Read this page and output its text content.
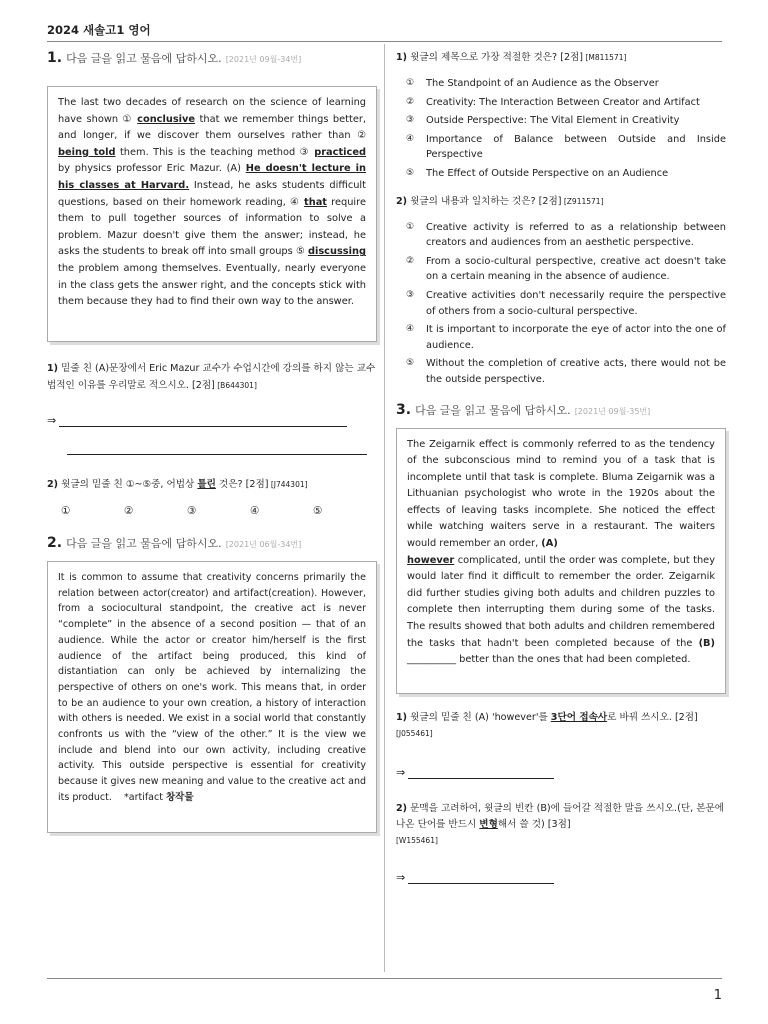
2024 새솔고1 영어
1. 다음 글을 읽고 물음에 답하시오. [2021년 09월-34번]
The last two decades of research on the science of learning have shown ① conclusive that we remember things better, and longer, if we discover them ourselves rather than ② being told them. This is the teaching method ③ practiced by physics professor Eric Mazur. (A) He doesn't lecture in his classes at Harvard. Instead, he asks students difficult questions, based on their homework reading, ④ that require them to pull together sources of information to solve a problem. Mazur doesn't give them the answer; instead, he asks the students to break off into small groups ⑤ discussing the problem among themselves. Eventually, nearly everyone in the class gets the answer right, and the concepts stick with them because they had to find their own way to the answer.
1) 밑줄 친 (A)문장에서 Eric Mazur 교수가 수업시간에 강의를 하지 않는 교수법적인 이유를 우리말로 적으시오. [2점] [B644301]
⇒
2) 윗글의 밑줄 친 ①~⑤중, 어법상 틀린 것은? [2점] [J744301]
①	②	③	④	⑤
2. 다음 글을 읽고 물음에 답하시오. [2021년 06월-34번]
It is common to assume that creativity concerns primarily the relation between actor(creator) and artifact(creation). However, from a sociocultural standpoint, the creative act is never “complete” in the absence of a second position — that of an audience. While the actor or creator him/herself is the first audience of the artifact being produced, this kind of distantiation can only be achieved by internalizing the perspective of others on one's work. This means that, in order to be an audience to your own creation, a history of interaction with others is needed. We exist in a social world that constantly confronts us with the “view of the other.” It is the view we include and blend into our own activity, including creative activity. This outside perspective is essential for creativity because it gives new meaning and value to the creative act and its product. *artifact 창작물
1) 윗글의 제목으로 가장 적절한 것은? [2점] [M811571]
①	The Standpoint of an Audience as the Observer
②	Creativity: The Interaction Between Creator and Artifact
③	Outside Perspective: The Vital Element in Creativity
④	Importance of Balance between Outside and Inside Perspective
⑤	The Effect of Outside Perspective on an Audience
2) 윗글의 내용과 일치하는 것은? [2점] [Z911571]
①	Creative activity is referred to as a relationship between creators and audiences from an aesthetic perspective.
②	From a socio-cultural perspective, creative act doesn't take on a certain meaning in the absence of audience.
③	Creative activities don't necessarily require the perspective of others from a socio-cultural perspective.
④	It is important to incorporate the eye of actor into the one of audience.
⑤	Without the completion of creative acts, there would not be the outside perspective.
3. 다음 글을 읽고 물음에 답하시오. [2021년 09월-35번]
The Zeigarnik effect is commonly referred to as the tendency of the subconscious mind to remind you of a task that is incomplete until that task is complete. Bluma Zeigarnik was a Lithuanian psychologist who wrote in the 1920s about the effects of leaving tasks incomplete. She noticed the effect while watching waiters serve in a restaurant. The waiters would remember an order, (A)
however complicated, until the order was complete, but they would later find it difficult to remember the order. Zeigarnik did further studies giving both adults and children puzzles to complete then interrupting them during some of the tasks. The results showed that both adults and children remembered the tasks that hadn't been completed because of the (B) __________ better than the ones that had been completed.
1) 윗글의 밑줄 친 (A) 'however'를 3단어 접속사로 바꿔 쓰시오. [2점] [J055461]
⇒
2) 문맥을 고려하여, 윗글의 빈칸 (B)에 들어갈 적절한 말을 쓰시오.(단, 본문에 나온 단어를 반드시 변형해서 쓸 것) [3점]
[W155461]
⇒
1
